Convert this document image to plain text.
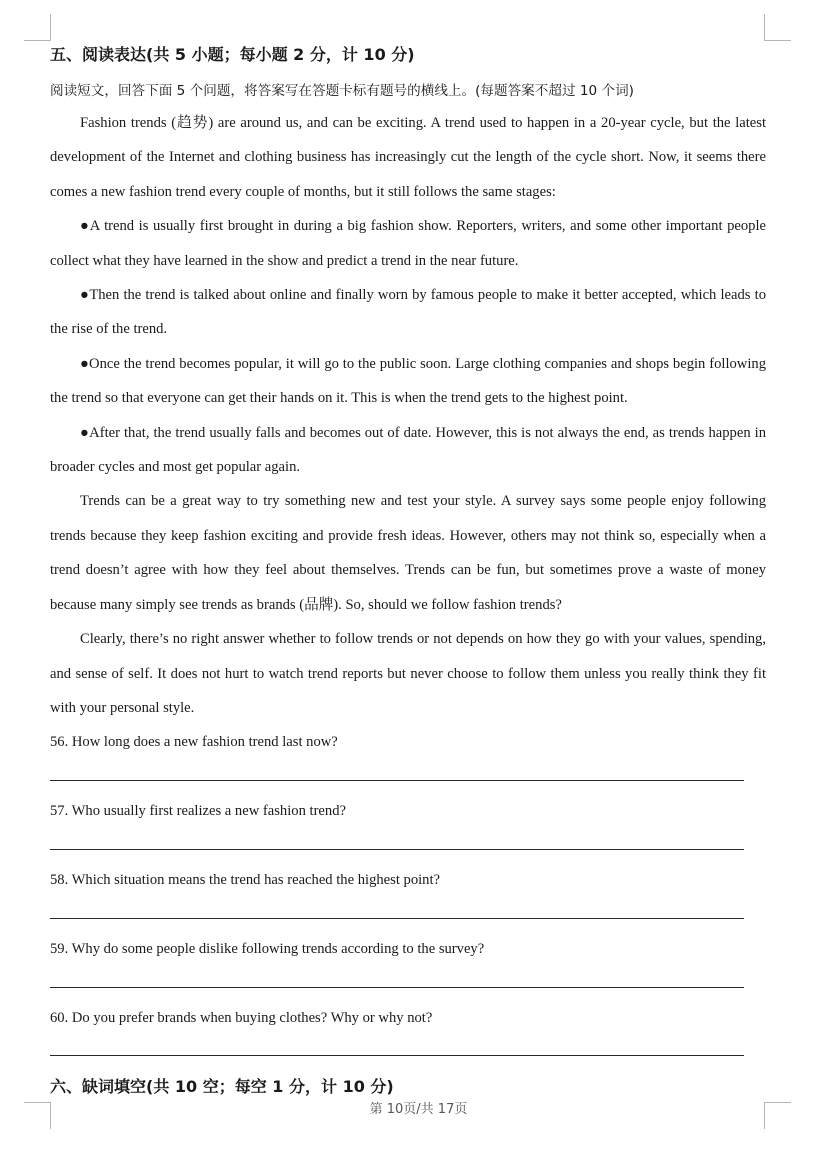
五、阅读表达(共 5 小题；每小题 2 分，计 10 分)
阅读短文，回答下面 5 个问题，将答案写在答题卡标有题号的横线上。(每题答案不超过 10 个词)

Fashion trends (趋势) are around us, and can be exciting. A trend used to happen in a 20-year cycle, but the latest development of the Internet and clothing business has increasingly cut the length of the cycle short. Now, it seems there comes a new fashion trend every couple of months, but it still follows the same stages:

●A trend is usually first brought in during a big fashion show. Reporters, writers, and some other important people collect what they have learned in the show and predict a trend in the near future.

●Then the trend is talked about online and finally worn by famous people to make it better accepted, which leads to the rise of the trend.

●Once the trend becomes popular, it will go to the public soon. Large clothing companies and shops begin following the trend so that everyone can get their hands on it. This is when the trend gets to the highest point.

●After that, the trend usually falls and becomes out of date. However, this is not always the end, as trends happen in broader cycles and most get popular again.

Trends can be a great way to try something new and test your style. A survey says some people enjoy following trends because they keep fashion exciting and provide fresh ideas. However, others may not think so, especially when a trend doesn’t agree with how they feel about themselves. Trends can be fun, but sometimes prove a waste of money because many simply see trends as brands (品牌). So, should we follow fashion trends?

Clearly, there’s no right answer whether to follow trends or not depends on how they go with your values, spending, and sense of self. It does not hurt to watch trend reports but never choose to follow them unless you really think they fit with your personal style.

56. How long does a new fashion trend last now?

57. Who usually first realizes a new fashion trend?

58. Which situation means the trend has reached the highest point?

59. Why do some people dislike following trends according to the survey?

60. Do you prefer brands when buying clothes? Why or why not?

六、缺词填空(共 10 空；每空 1 分，计 10 分)
第 10页/共 17页
